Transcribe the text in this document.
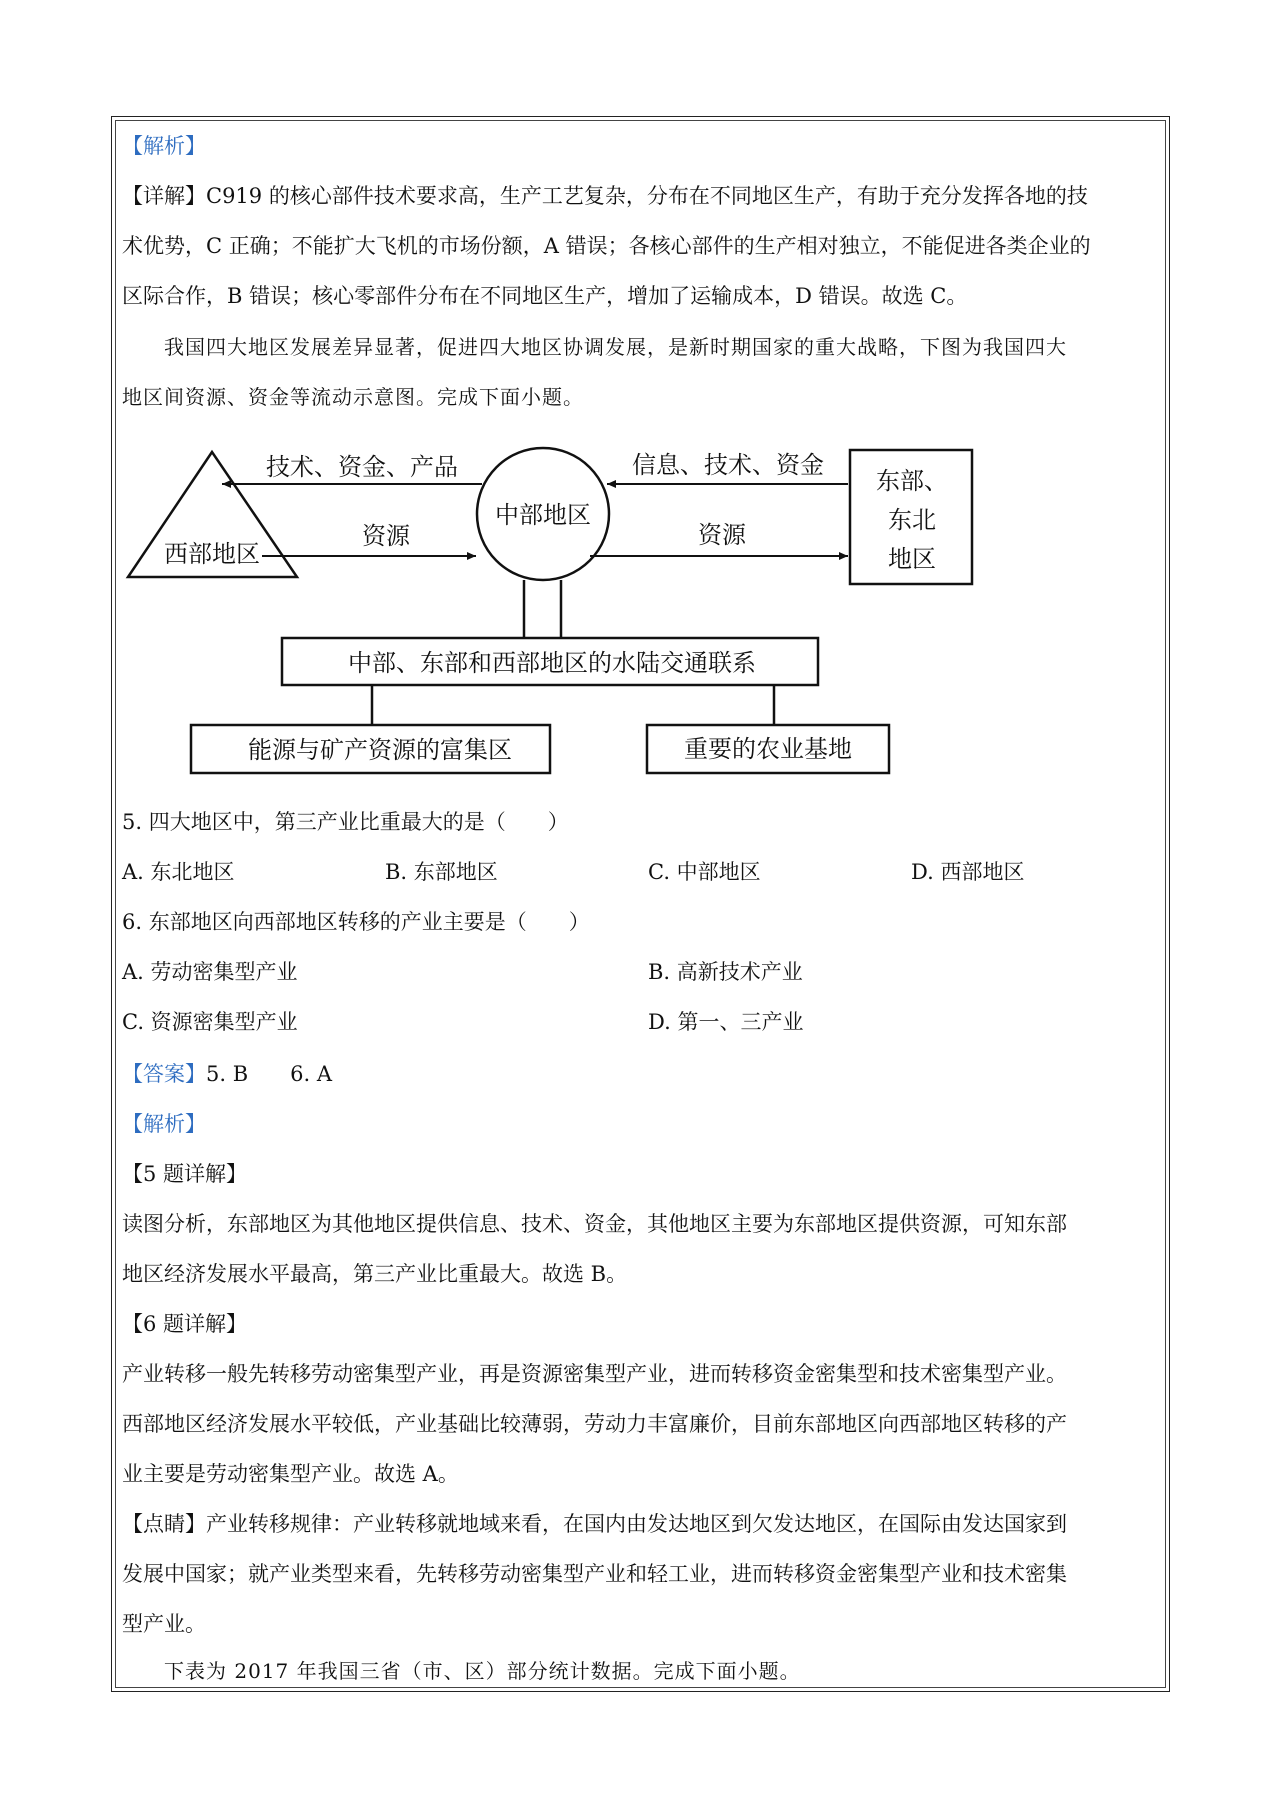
【解析】
【详解】C919 的核心部件技术要求高，生产工艺复杂，分布在不同地区生产，有助于充分发挥各地的技
术优势，C 正确；不能扩大飞机的市场份额，A 错误；各核心部件的生产相对独立，不能促进各类企业的
区际合作，B 错误；核心零部件分布在不同地区生产，增加了运输成本，D 错误。故选 C。
我国四大地区发展差异显著，促进四大地区协调发展，是新时期国家的重大战略，下图为我国四大
地区间资源、资金等流动示意图。完成下面小题。
西部地区
中部地区
东部、
东北
地区
技术、资金、产品
资源
信息、技术、资金
资源
中部、东部和西部地区的水陆交通联系
能源与矿产资源的富集区	重要的农业基地
5. 四大地区中，第三产业比重最大的是（　　）
A. 东北地区	B. 东部地区	C. 中部地区	D. 西部地区
6. 东部地区向西部地区转移的产业主要是（　　）
A. 劳动密集型产业	B. 高新技术产业
C. 资源密集型产业	D. 第一、三产业
【答案】5. B　　6. A
【解析】
【5 题详解】
读图分析，东部地区为其他地区提供信息、技术、资金，其他地区主要为东部地区提供资源，可知东部
地区经济发展水平最高，第三产业比重最大。故选 B。
【6 题详解】
产业转移一般先转移劳动密集型产业，再是资源密集型产业，进而转移资金密集型和技术密集型产业。
西部地区经济发展水平较低，产业基础比较薄弱，劳动力丰富廉价，目前东部地区向西部地区转移的产
业主要是劳动密集型产业。故选 A。
【点睛】产业转移规律：产业转移就地域来看，在国内由发达地区到欠发达地区，在国际由发达国家到
发展中国家；就产业类型来看，先转移劳动密集型产业和轻工业，进而转移资金密集型产业和技术密集
型产业。
下表为 2017 年我国三省（市、区）部分统计数据。完成下面小题。
